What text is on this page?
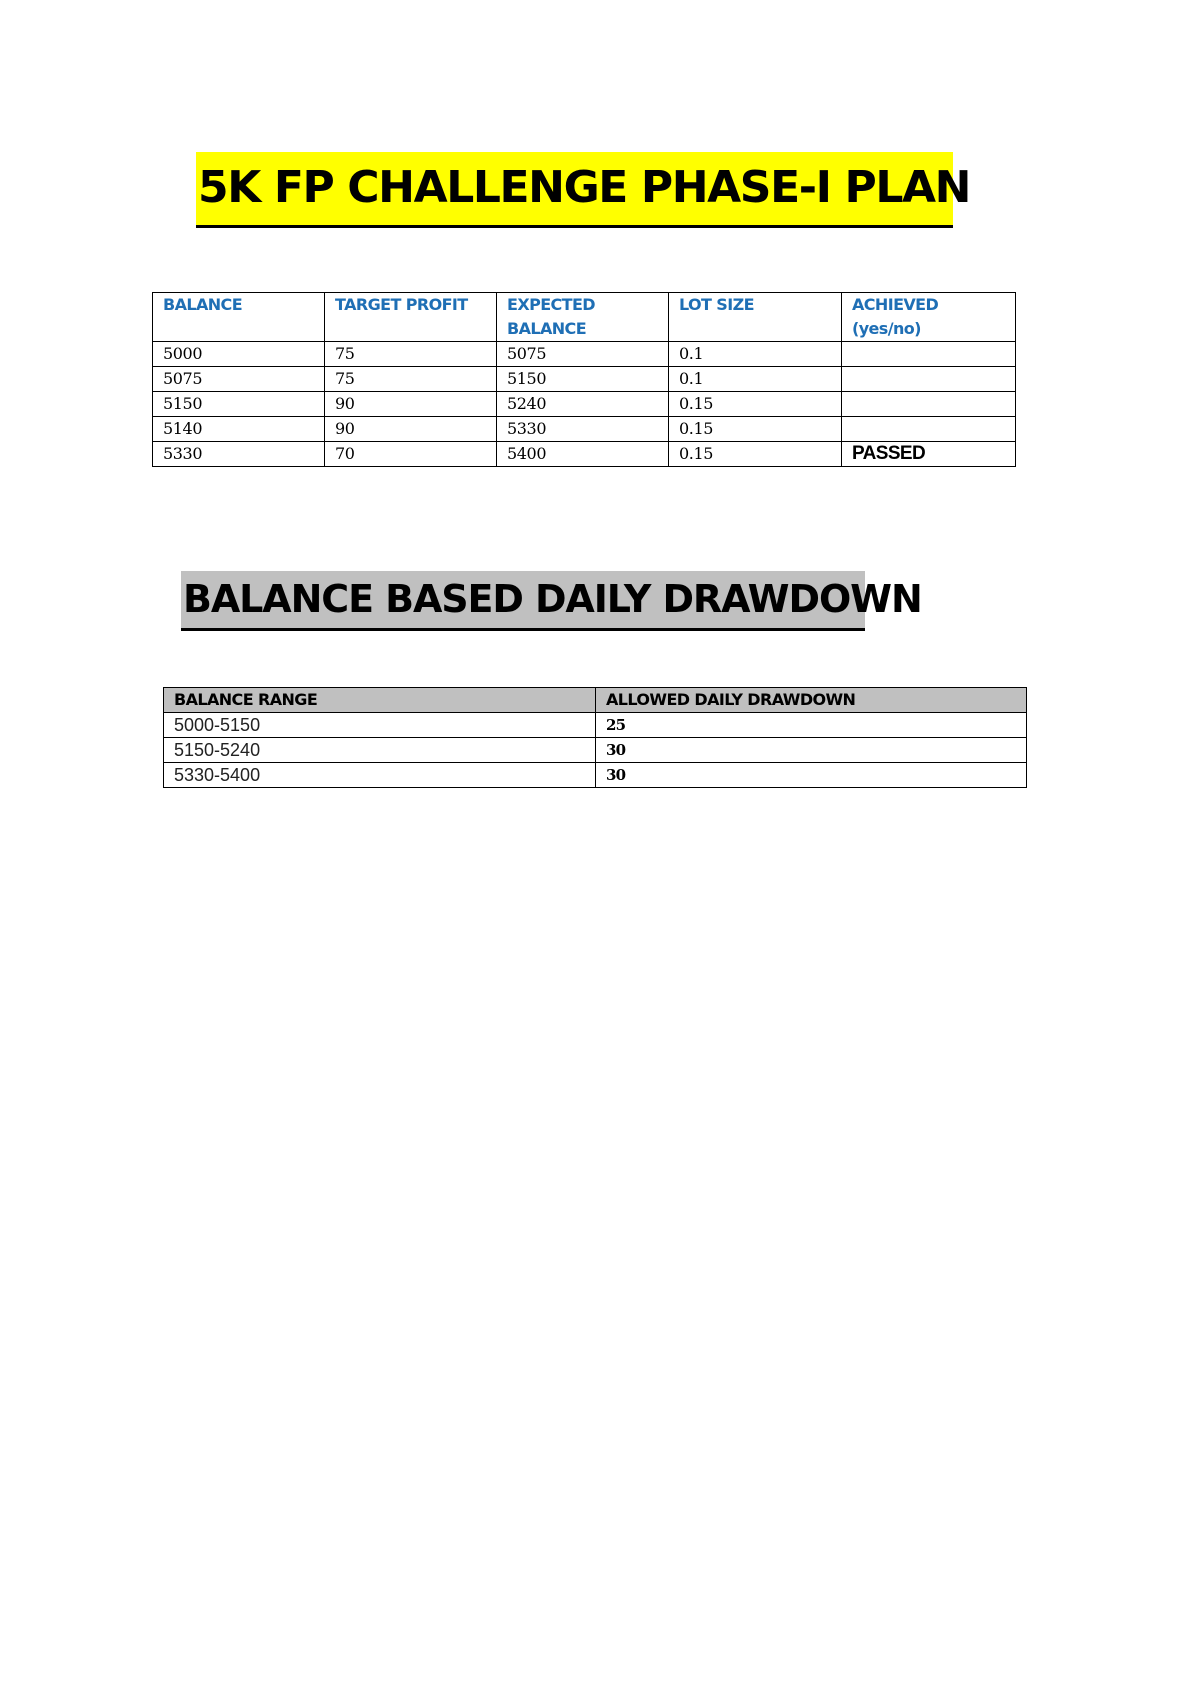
5K FP CHALLENGE PHASE-I PLAN
BALANCE	TARGET PROFIT	EXPECTED BALANCE	LOT SIZE	ACHIEVED (yes/no)
5000	75	5075	0.1	
5075	75	5150	0.1	
5150	90	5240	0.15	
5140	90	5330	0.15	
5330	70	5400	0.15	PASSED
BALANCE BASED DAILY DRAWDOWN
BALANCE RANGE	ALLOWED DAILY DRAWDOWN
5000-5150	25
5150-5240	30
5330-5400	30
